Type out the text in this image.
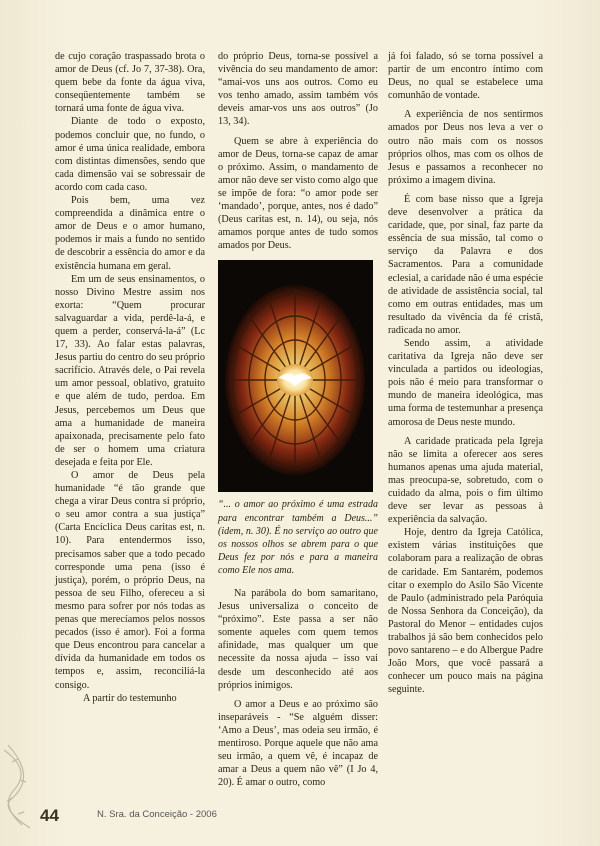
de cujo coração traspassado brota o amor de Deus (cf. Jo 7, 37-38). Ora, quem bebe da fonte da água viva, conseqüentemente também se tornará uma fonte de água viva.

Diante de todo o exposto, podemos concluir que, no fundo, o amor é uma única realidade, embora com distintas dimensões, sendo que cada dimensão vai se sobressair de acordo com cada caso.

Pois bem, uma vez compreendida a dinâmica entre o amor de Deus e o amor humano, podemos ir mais a fundo no sentido de descobrir a essência do amor e da existência humana em geral.

Em um de seus ensinamentos, o nosso Divino Mestre assim nos exorta: “Quem procurar salvaguardar a vida, perdê-la-á, e quem a perder, conservá-la-á” (Lc 17, 33). Ao falar estas palavras, Jesus partiu do centro do seu próprio sacrifício. Através dele, o Pai revela um amor pessoal, oblativo, gratuito e que além de tudo, perdoa. Em Jesus, percebemos um Deus que ama a humanidade de maneira apaixonada, precisamente pelo fato de ser o homem uma criatura desejada e feita por Ele.

O amor de Deus pela humanidade “é tão grande que chega a virar Deus contra si próprio, o seu amor contra a sua justiça” (Carta Encíclica Deus caritas est, n. 10). Para entendermos isso, precisamos saber que a todo pecado corresponde uma pena (isso é justiça), porém, o próprio Deus, na pessoa de seu Filho, ofereceu a si mesmo para sofrer por nós todas as penas que merecíamos pelos nossos pecados (isso é amor). Foi a forma que Deus encontrou para cancelar a dívida da humanidade em todos os tempos e, assim, reconciliá-la consigo.

A partir do testemunho

do próprio Deus, torna-se possível a vivência do seu mandamento de amor: “amai-vos uns aos outros. Como eu vos tenho amado, assim também vós deveis amar-vos uns aos outros” (Jo 13, 34).

Quem se abre à experiência do amor de Deus, torna-se capaz de amar o próximo. Assim, o mandamento de amor não deve ser visto como algo que se impõe de fora: “o amor pode ser ‘mandado’, porque, antes, nos é dado” (Deus caritas est, n. 14), ou seja, nós amamos porque antes de tudo somos amados por Deus.

“... o amor ao próximo é uma estrada para encontrar também a Deus...” (idem, n. 30). É no serviço ao outro que os nossos olhos se abrem para o que Deus fez por nós e para a maneira como Ele nos ama.

Na parábola do bom samaritano, Jesus universaliza o conceito de “próximo”. Este passa a ser não somente aqueles com quem temos afinidade, mas qualquer um que necessite da nossa ajuda – isso vai desde um desconhecido até aos próprios inimigos.

O amor a Deus e ao próximo são inseparáveis - “Se alguém disser: ‘Amo a Deus’, mas odeia seu irmão, é mentiroso. Porque aquele que não ama seu irmão, a quem vê, é incapaz de amar a Deus a quem não vê” (I Jo 4, 20). É amar o outro, como

já foi falado, só se torna possível a partir de um encontro íntimo com Deus, no qual se estabelece uma comunhão de vontade.

A experiência de nos sentirmos amados por Deus nos leva a ver o outro não mais com os nossos próprios olhos, mas com os olhos de Jesus e passamos a reconhecer no próximo a imagem divina.

É com base nisso que a Igreja deve desenvolver a prática da caridade, que, por sinal, faz parte da essência de sua missão, tal como o serviço da Palavra e dos Sacramentos. Para a comunidade eclesial, a caridade não é uma espécie de atividade de assistência social, tal como em outras entidades, mas um resultado da vivência da fé cristã, radicada no amor.

Sendo assim, a atividade caritativa da Igreja não deve ser vinculada a partidos ou ideologias, pois não é meio para transformar o mundo de maneira ideológica, mas uma forma de testemunhar a presença amorosa de Deus neste mundo.

A caridade praticada pela Igreja não se limita a oferecer aos seres humanos apenas uma ajuda material, mas preocupa-se, sobretudo, com o cuidado da alma, pois o fim último deve ser levar as pessoas à experiência da salvação.

Hoje, dentro da Igreja Católica, existem várias instituições que colaboram para a realização de obras de caridade. Em Santarém, podemos citar o exemplo do Asilo São Vicente de Paulo (administrado pela Paróquia de Nossa Senhora da Conceição), da Pastoral do Menor – entidades cujos trabalhos já são bem conhecidos pelo povo santareno – e do Albergue Padre João Mors, que você passará a conhecer um pouco mais na página seguinte.

44	N. Sra. da Conceição - 2006
